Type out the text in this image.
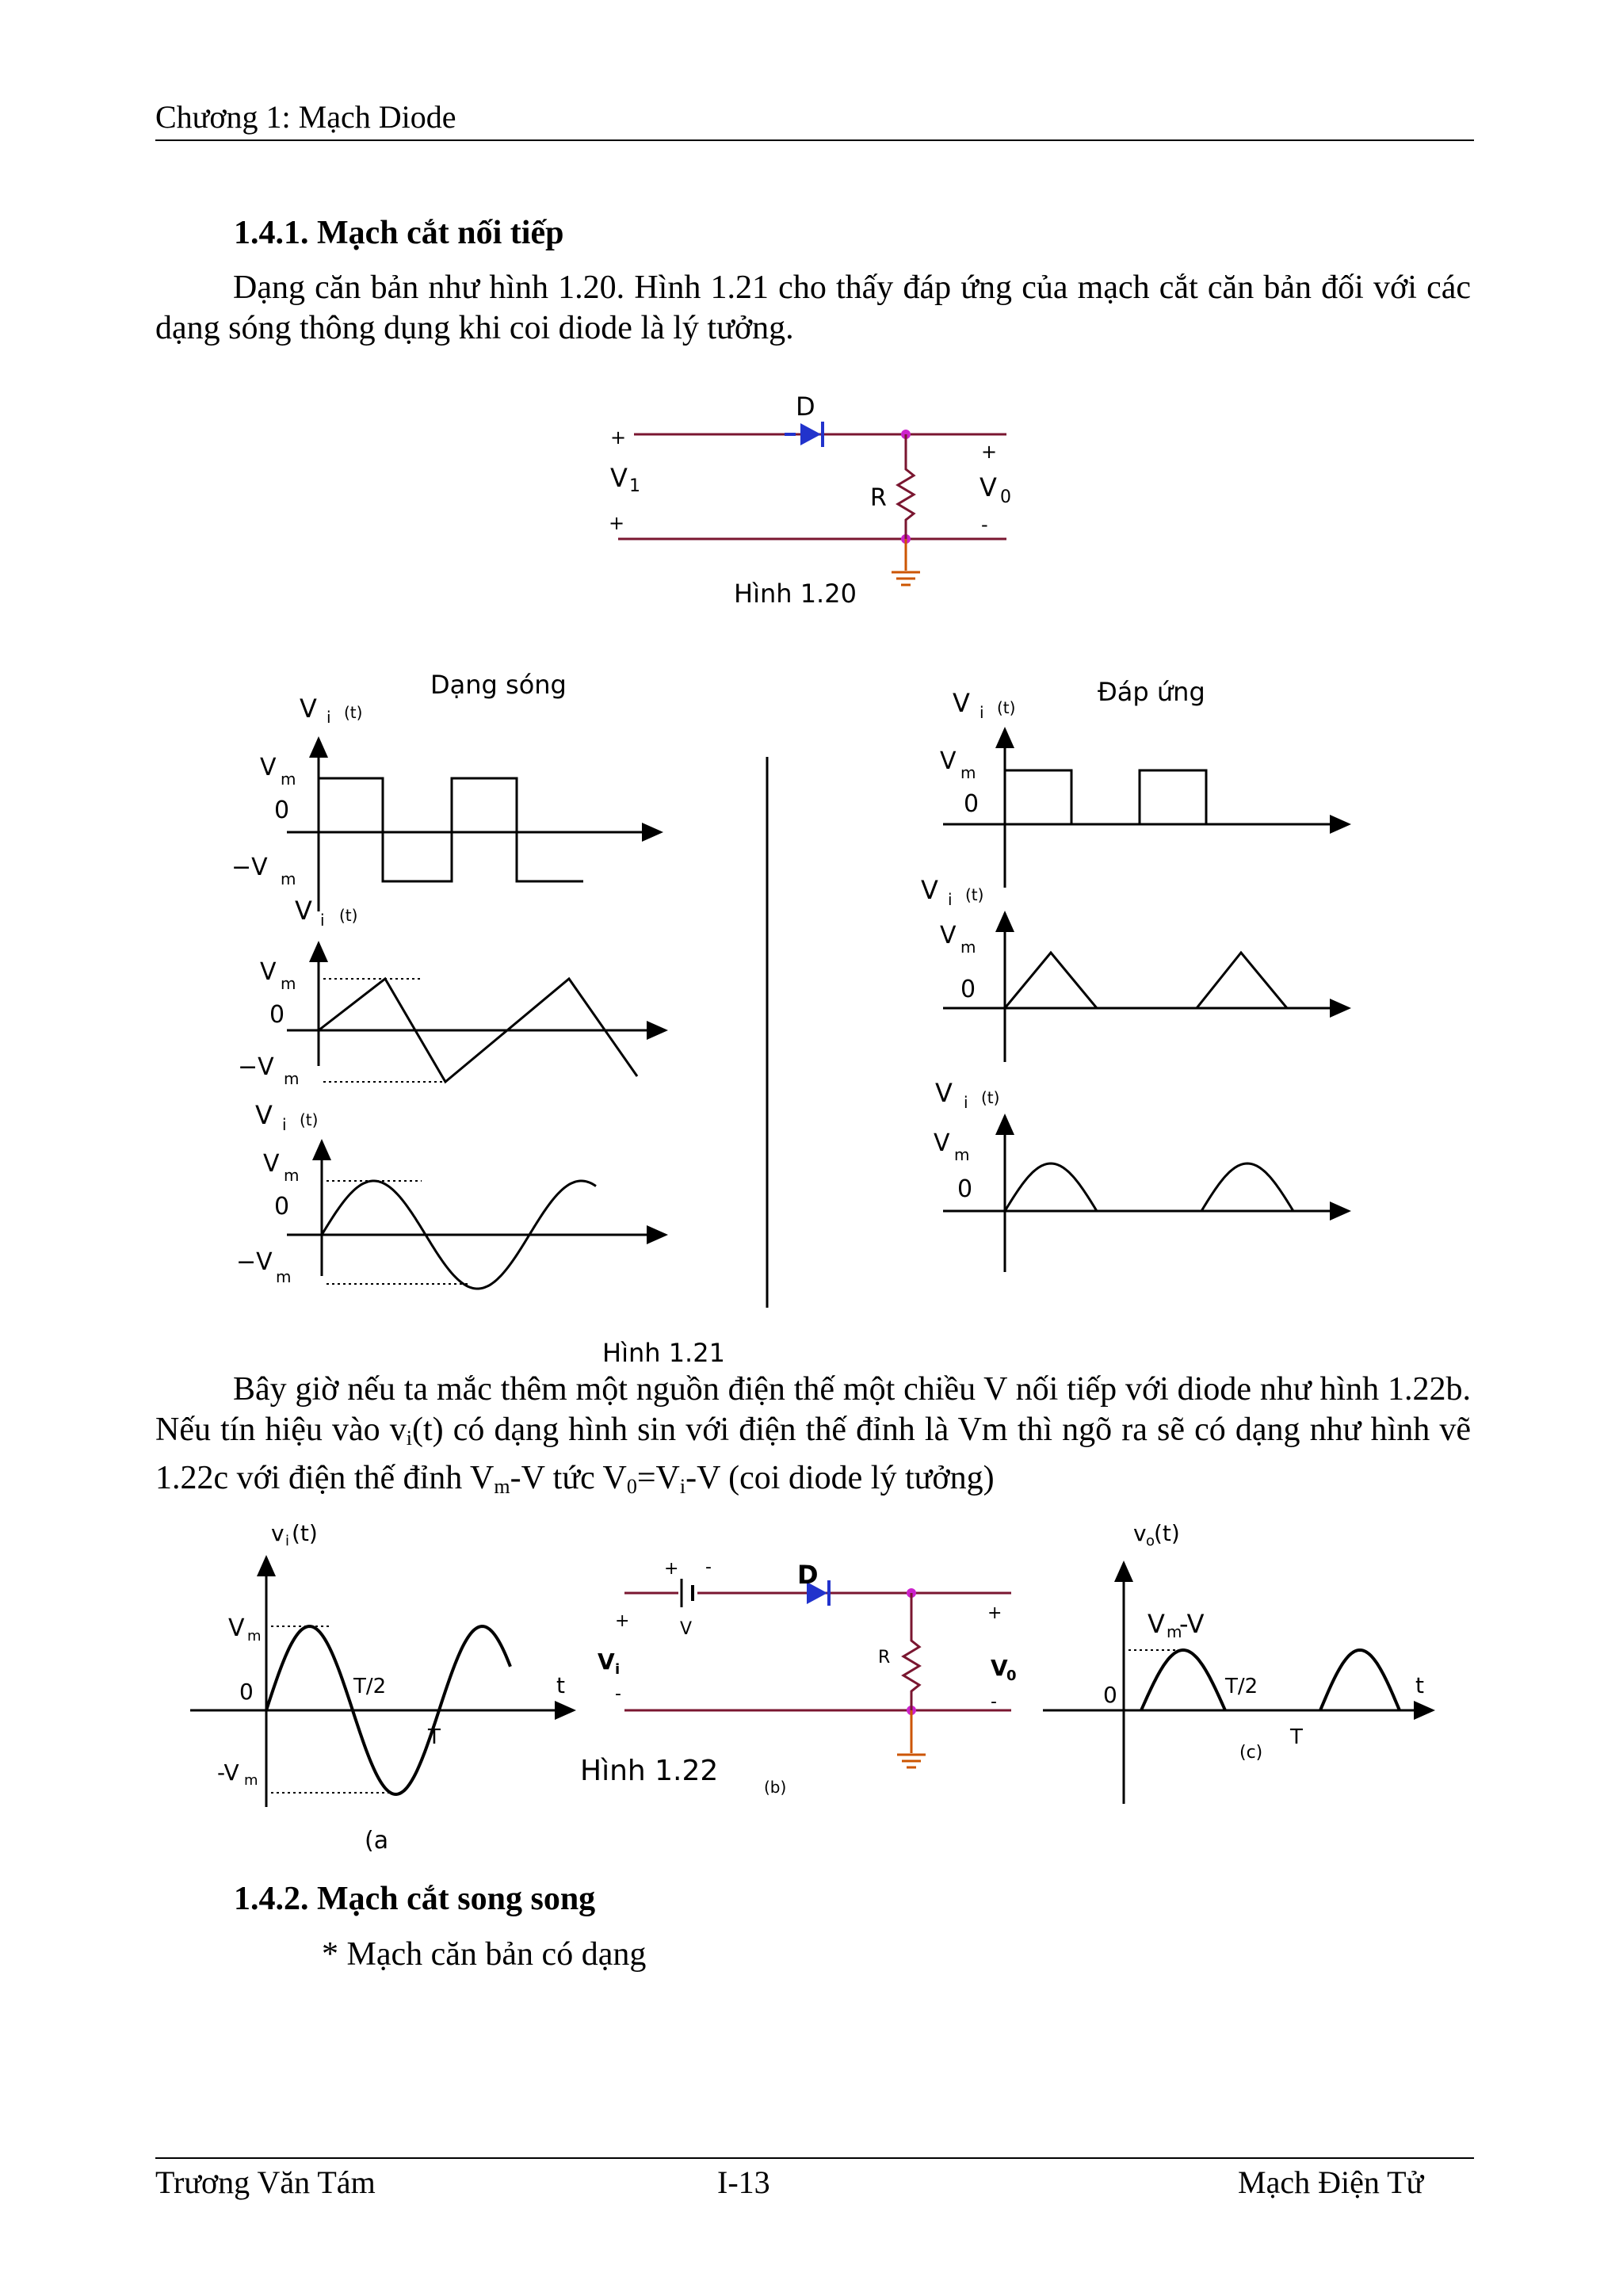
Chương 1: Mạch Diode
1.4.1. Mạch cắt nối tiếp
Dạng căn bản như hình 1.20. Hình 1.21 cho thấy đáp ứng của mạch cắt căn bản đối với các dạng sóng thông dụng khi coi diode là lý tưởng.
D
R
+
+
V 1
+
-
V 0
Hình 1.20
Dạng sóng	Đáp ứng
V i (t)
V m
0
−V m
V i (t)
V m
0
−V m
V i (t)
V m
0
−V
m
V i (t)
V m
0
V i (t)
V m
0
V i (t)
V m
0
Hình 1.21
Bây giờ nếu ta mắc thêm một nguồn điện thế một chiều V nối tiếp với diode như hình 1.22b. Nếu tín hiệu vào $v_i(t)$ có dạng hình sin với điện thế đỉnh là Vm thì ngõ ra sẽ có dạng như hình vẽ 1.22c với điện thế đỉnh $V_m-V$ tức $V_0=V_i-V$ (coi diode lý tưởng)
v i (t)
V m
0	T/2
T
t
-V m
(a
D
R
+ -
V
+
-
V i
+
-
V
0
Hình 1.22	(b)
v o
(t)
V m
-V
0	T/2
T
t
(c)
1.4.2. Mạch cắt song song
* Mạch căn bản có dạng
Trương Văn Tám	I-13	Mạch Điện Tử
